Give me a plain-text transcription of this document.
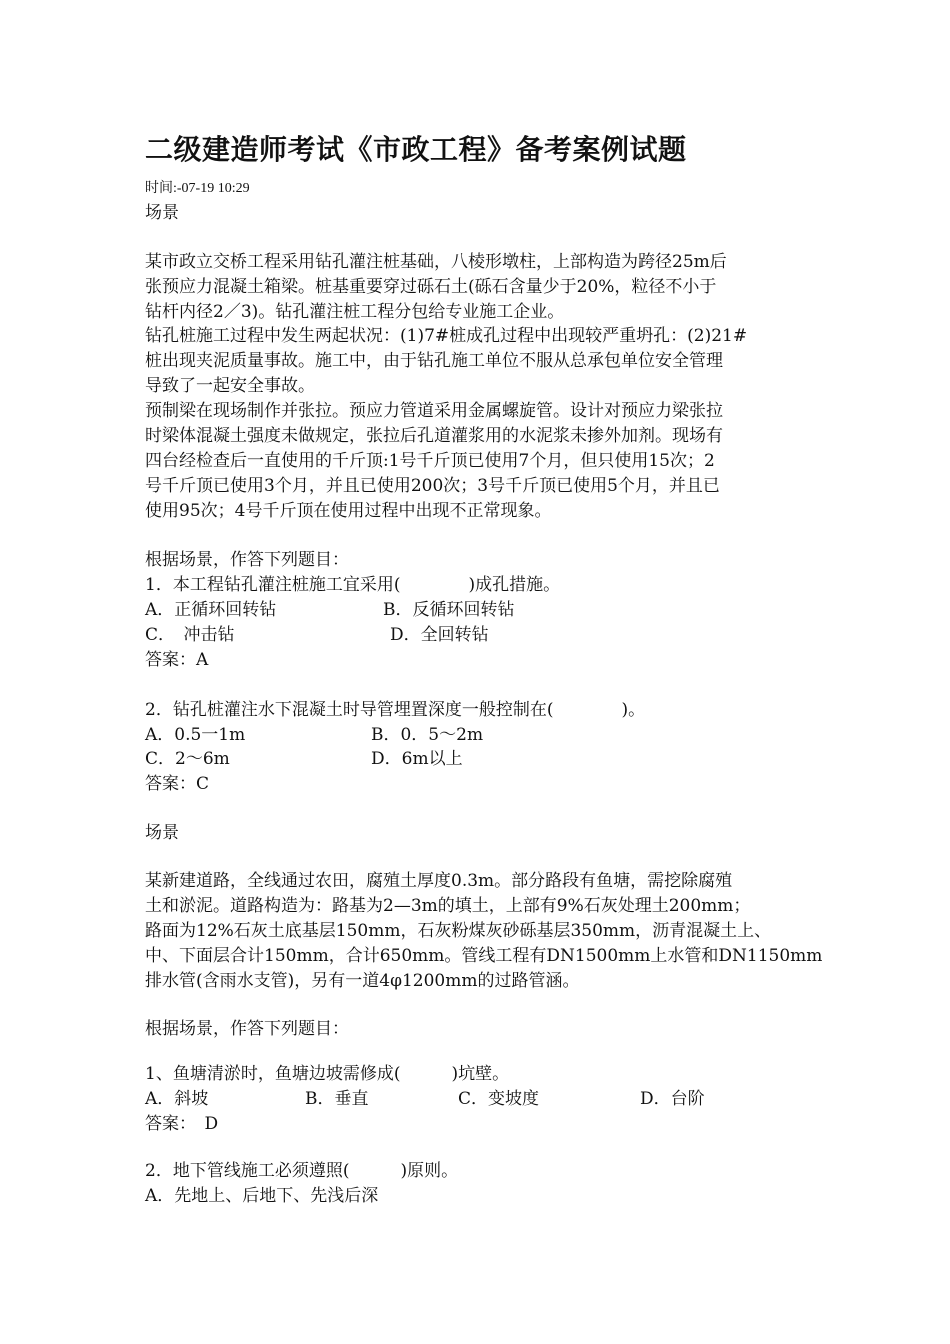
二级建造师考试《市政工程》备考案例试题
时间:-07-19 10:29
场景
某市政立交桥工程采用钻孔灌注桩基础，八棱形墩柱，上部构造为跨径25m后
张预应力混凝土箱梁。桩基重要穿过砾石土(砾石含量少于20%，粒径不小于
钻杆内径2／3)。钻孔灌注桩工程分包给专业施工企业。
钻孔桩施工过程中发生两起状况：(1)7#桩成孔过程中出现较严重坍孔：(2)21#
桩出现夹泥质量事故。施工中，由于钻孔施工单位不服从总承包单位安全管理
导致了一起安全事故。
预制梁在现场制作并张拉。预应力管道采用金属螺旋管。设计对预应力梁张拉
时梁体混凝土强度未做规定，张拉后孔道灌浆用的水泥浆未掺外加剂。现场有
四台经检查后一直使用的千斤顶:1号千斤顶已使用7个月，但只使用15次；2
号千斤顶已使用3个月，并且已使用200次；3号千斤顶已使用5个月，并且已
使用95次；4号千斤顶在使用过程中出现不正常现象。
根据场景，作答下列题目：
1．本工程钻孔灌注桩施工宜采用(　　　　)成孔措施。
A．正循环回转钻	B．反循环回转钻
C．　冲击钻	D．全回转钻
答案：A
2．钻孔桩灌注水下混凝土时导管埋置深度一般控制在(　　　　)。
A．0.5一1m	B．0．5～2m
C．2～6m	D．6m以上
答案：C
场景
某新建道路，全线通过农田，腐殖土厚度0.3m。部分路段有鱼塘，需挖除腐殖
土和淤泥。道路构造为：路基为2—3m的填土，上部有9%石灰处理土200mm；
路面为12%石灰土底基层150mm，石灰粉煤灰砂砾基层350mm，沥青混凝土上、
中、下面层合计150mm，合计650mm。管线工程有DN1500mm上水管和DN1150mm
排水管(含雨水支管)，另有一道4φ1200mm的过路管涵。
根据场景，作答下列题目：
1、鱼塘清淤时，鱼塘边坡需修成(　　　)坑壁。
A．斜坡	B．垂直	C．变坡度	D．台阶
答案：　D
2．地下管线施工必须遵照(　　　)原则。
A．先地上、后地下、先浅后深
